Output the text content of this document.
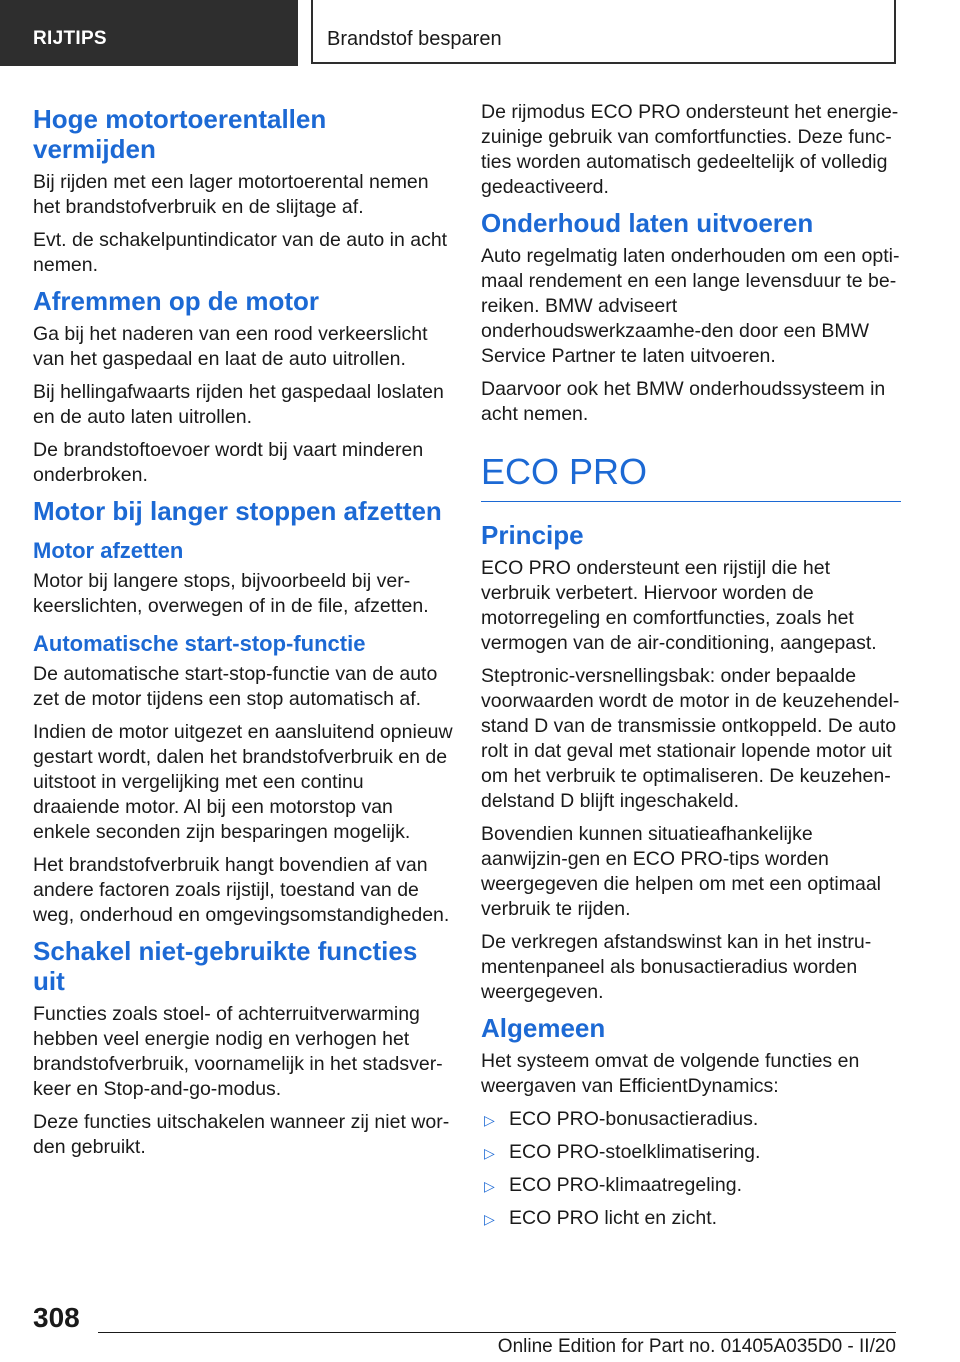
RIJTIPS	Brandstof besparen
Hoge motortoerentallen vermijden

Bij rijden met een lager motortoerental nemen het brandstofverbruik en de slijtage af.

Evt. de schakelpuntindicator van de auto in acht nemen.

Afremmen op de motor

Ga bij het naderen van een rood verkeerslicht van het gaspedaal en laat de auto uitrollen.

Bij hellingafwaarts rijden het gaspedaal loslaten en de auto laten uitrollen.

De brandstoftoevoer wordt bij vaart minderen onderbroken.

Motor bij langer stoppen afzetten
Motor afzetten

Motor bij langere stops, bijvoorbeeld bij ver-keerslichten, overwegen of in de file, afzetten.

Automatische start-stop-functie

De automatische start-stop-functie van de auto zet de motor tijdens een stop automatisch af.

Indien de motor uitgezet en aansluitend opnieuw gestart wordt, dalen het brandstofverbruik en de uitstoot in vergelijking met een continu draaiende motor. Al bij een motorstop van enkele seconden zijn besparingen mogelijk.

Het brandstofverbruik hangt bovendien af van andere factoren zoals rijstijl, toestand van de weg, onderhoud en omgevingsomstandigheden.

Schakel niet-gebruikte functies uit

Functies zoals stoel- of achterruitverwarming hebben veel energie nodig en verhogen het brandstofverbruik, voornamelijk in het stadsver-keer en Stop-and-go-modus.

Deze functies uitschakelen wanneer zij niet wor-den gebruikt.

De rijmodus ECO PRO ondersteunt het energie-zuinige gebruik van comfortfuncties. Deze func-ties worden automatisch gedeeltelijk of volledig gedeactiveerd.

Onderhoud laten uitvoeren

Auto regelmatig laten onderhouden om een opti-maal rendement en een lange levensduur te be-reiken. BMW adviseert onderhoudswerkzaamhe-den door een BMW Service Partner te laten uitvoeren.

Daarvoor ook het BMW onderhoudssysteem in acht nemen.

ECO PRO
Principe

ECO PRO ondersteunt een rijstijl die het verbruik verbetert. Hiervoor worden de motorregeling en comfortfuncties, zoals het vermogen van de air-conditioning, aangepast.

Steptronic-versnellingsbak: onder bepaalde voorwaarden wordt de motor in de keuzehendel-stand D van de transmissie ontkoppeld. De auto rolt in dat geval met stationair lopende motor uit om het verbruik te optimaliseren. De keuzehen-delstand D blijft ingeschakeld.

Bovendien kunnen situatieafhankelijke aanwijzin-gen en ECO PRO-tips worden weergegeven die helpen om met een optimaal verbruik te rijden.

De verkregen afstandswinst kan in het instru-mentenpaneel als bonusactieradius worden weergegeven.

Algemeen

Het systeem omvat de volgende functies en weergaven van EfficientDynamics:

▷ ECO PRO-bonusactieradius.
▷ ECO PRO-stoelklimatisering.
▷ ECO PRO-klimaatregeling.
▷ ECO PRO licht en zicht.
308
Online Edition for Part no. 01405A035D0 - II/20
